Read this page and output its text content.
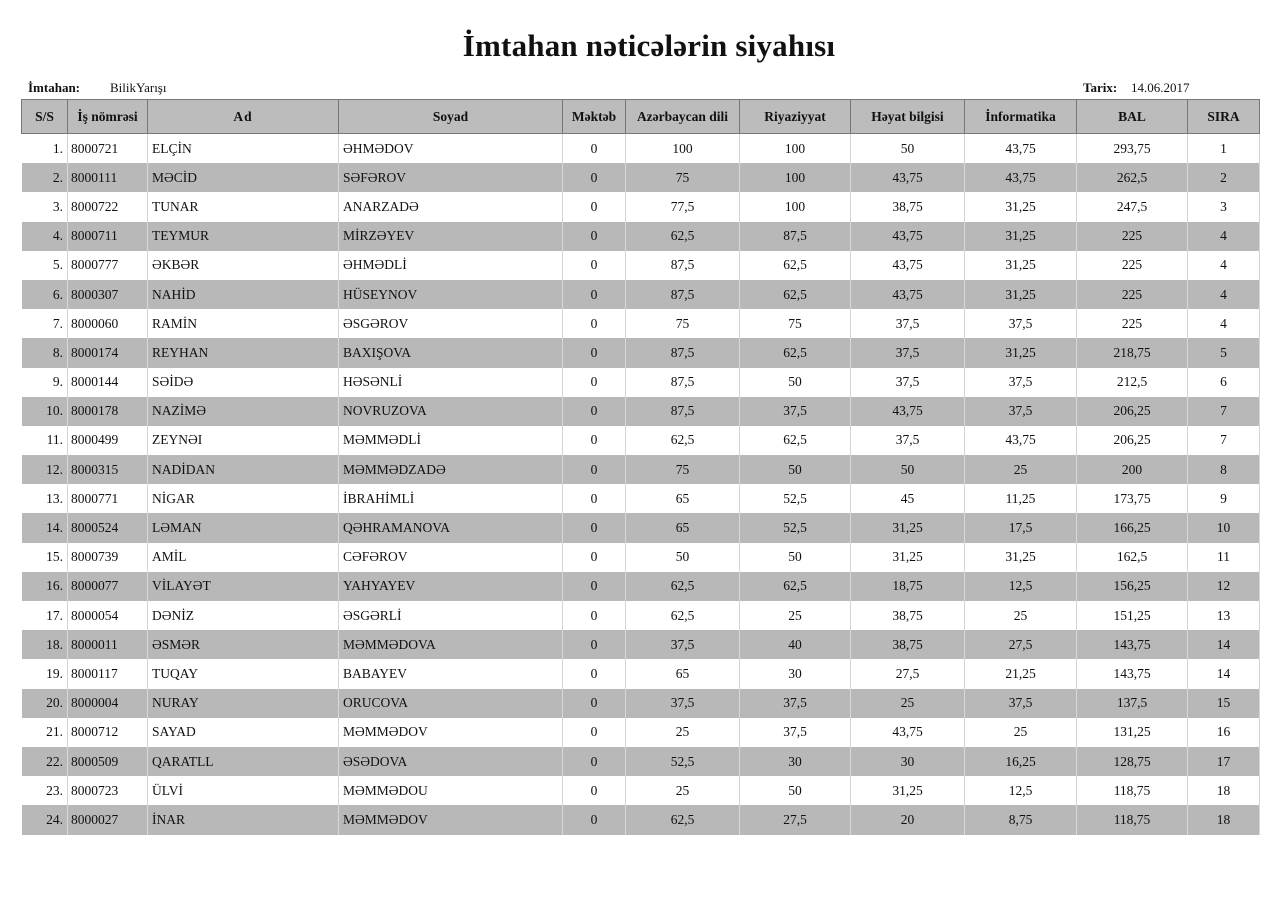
İmtahan nəticələrin siyahısı
İmtahan: BilikYarışı	Tarix: 14.06.2017
S/S	İş nömrəsi	Ad	Soyad	Məktəb	Azərbaycan dili	Riyaziyyat	Həyat bilgisi	İnformatika	BAL	SIRA
1.	8000721	ELÇİN	ƏHMƏDOV	0	100	100	50	43,75	293,75	1
2.	8000111	MƏCİD	SƏFƏROV	0	75	100	43,75	43,75	262,5	2
3.	8000722	TUNAR	ANARZADƏ	0	77,5	100	38,75	31,25	247,5	3
4.	8000711	TEYMUR	MİRZƏYEV	0	62,5	87,5	43,75	31,25	225	4
5.	8000777	ƏKBƏR	ƏHMƏDLİ	0	87,5	62,5	43,75	31,25	225	4
6.	8000307	NAHİD	HÜSEYNOV	0	87,5	62,5	43,75	31,25	225	4
7.	8000060	RAMİN	ƏSGƏROV	0	75	75	37,5	37,5	225	4
8.	8000174	REYHAN	BAXIŞOVA	0	87,5	62,5	37,5	31,25	218,75	5
9.	8000144	SƏİDƏ	HƏSƏNLİ	0	87,5	50	37,5	37,5	212,5	6
10.	8000178	NAZİMƏ	NOVRUZOVA	0	87,5	37,5	43,75	37,5	206,25	7
11.	8000499	ZEYNƏI	MƏMMƏDLİ	0	62,5	62,5	37,5	43,75	206,25	7
12.	8000315	NADİDAN	MƏMMƏDZADƏ	0	75	50	50	25	200	8
13.	8000771	NİGAR	İBRAHİMLİ	0	65	52,5	45	11,25	173,75	9
14.	8000524	LƏMAN	QƏHRAMANOVA	0	65	52,5	31,25	17,5	166,25	10
15.	8000739	AMİL	CƏFƏROV	0	50	50	31,25	31,25	162,5	11
16.	8000077	VİLAYƏT	YAHYAYEV	0	62,5	62,5	18,75	12,5	156,25	12
17.	8000054	DƏNİZ	ƏSGƏRLİ	0	62,5	25	38,75	25	151,25	13
18.	8000011	ƏSMƏR	MƏMMƏDOVA	0	37,5	40	38,75	27,5	143,75	14
19.	8000117	TUQAY	BABAYEV	0	65	30	27,5	21,25	143,75	14
20.	8000004	NURAY	ORUCOVA	0	37,5	37,5	25	37,5	137,5	15
21.	8000712	SAYAD	MƏMMƏDOV	0	25	37,5	43,75	25	131,25	16
22.	8000509	QARATLL	ƏSƏDOVA	0	52,5	30	30	16,25	128,75	17
23.	8000723	ÜLVİ	MƏMMƏDOU	0	25	50	31,25	12,5	118,75	18
24.	8000027	İNAR	MƏMMƏDOV	0	62,5	27,5	20	8,75	118,75	18
